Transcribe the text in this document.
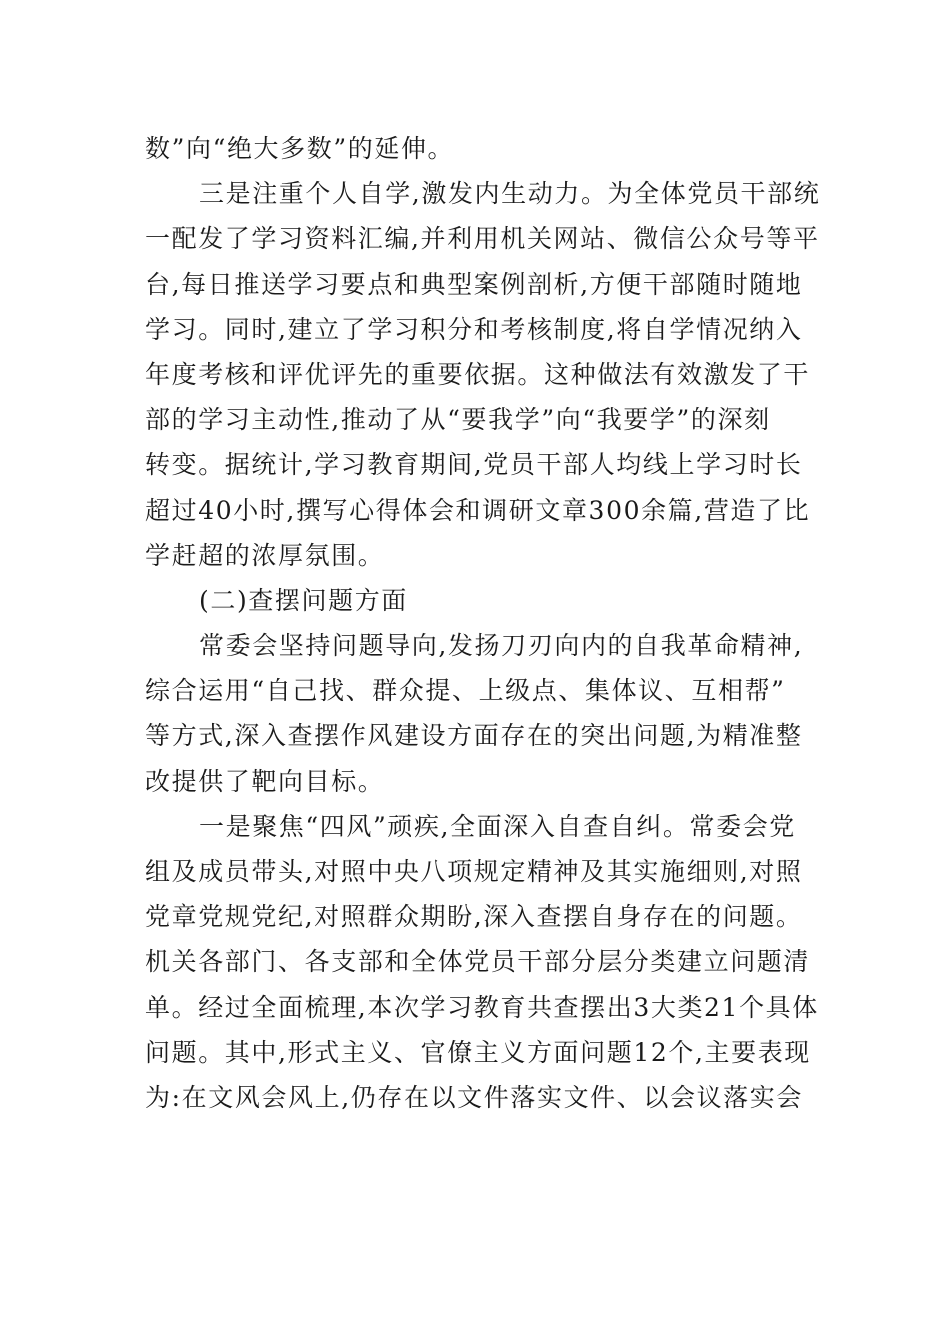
数”向“绝大多数”的延伸。
三是注重个人自学,激发内生动力。为全体党员干部统
一配发了学习资料汇编,并利用机关网站、微信公众号等平
台,每日推送学习要点和典型案例剖析,方便干部随时随地
学习。同时,建立了学习积分和考核制度,将自学情况纳入
年度考核和评优评先的重要依据。这种做法有效激发了干
部的学习主动性,推动了从“要我学”向“我要学”的深刻
转变。据统计,学习教育期间,党员干部人均线上学习时长
超过40小时,撰写心得体会和调研文章300余篇,营造了比
学赶超的浓厚氛围。
(二)查摆问题方面
常委会坚持问题导向,发扬刀刃向内的自我革命精神,
综合运用“自己找、群众提、上级点、集体议、互相帮”
等方式,深入查摆作风建设方面存在的突出问题,为精准整
改提供了靶向目标。
一是聚焦“四风”顽疾,全面深入自查自纠。常委会党
组及成员带头,对照中央八项规定精神及其实施细则,对照
党章党规党纪,对照群众期盼,深入查摆自身存在的问题。
机关各部门、各支部和全体党员干部分层分类建立问题清
单。经过全面梳理,本次学习教育共查摆出3大类21个具体
问题。其中,形式主义、官僚主义方面问题12个,主要表现
为:在文风会风上,仍存在以文件落实文件、以会议落实会
